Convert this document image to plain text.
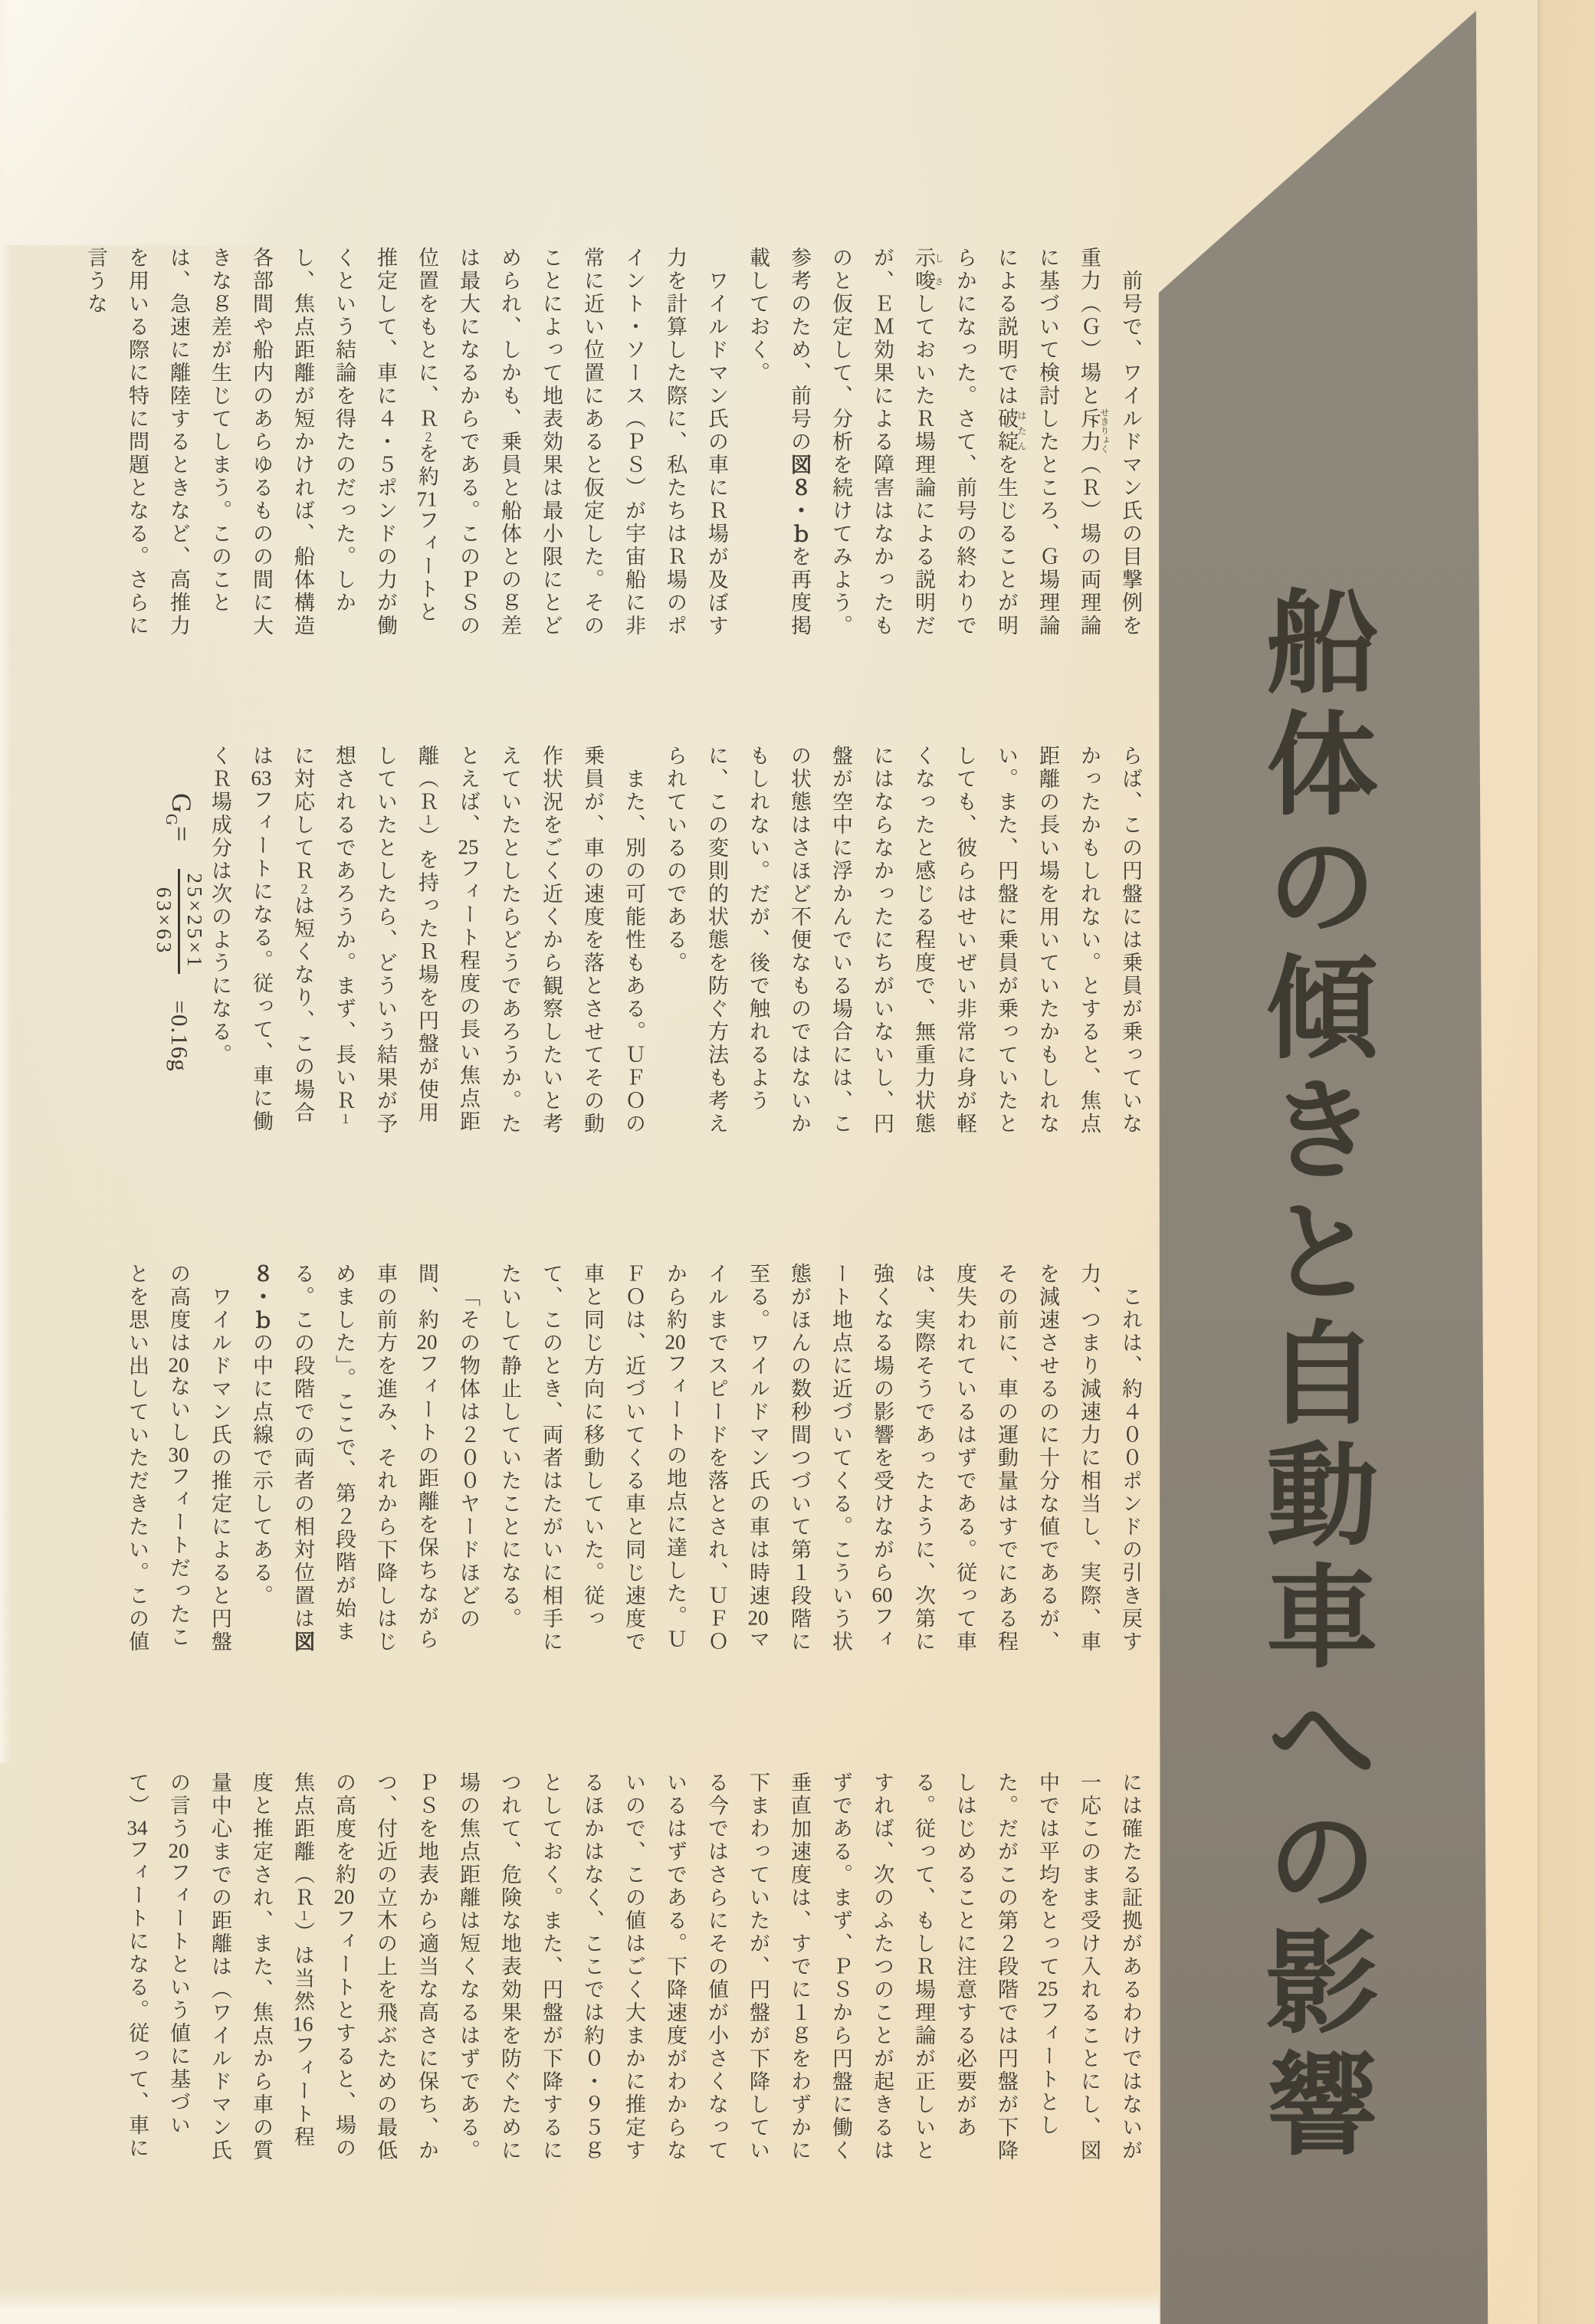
船体の傾きと自動車への影響

前号で、ワイルドマン氏の目撃例を重力（Ｇ）場と斥力せきりょく（Ｒ）場の両理論に基づいて検討したところ、Ｇ場理論による説明では破綻はたんを生じることが明らかになった。さて、前号の終わりで示唆しさしておいたＲ場理論による説明だが、ＥＭ効果による障害はなかったものと仮定して、分析を続けてみよう。参考のため、前号の図８・ｂを再度掲載しておく。

ワイルドマン氏の車にＲ場が及ぼす力を計算した際に、私たちはＲ場のポイント・ソース（ＰＳ）が宇宙船に非常に近い位置にあると仮定した。そのことによって地表効果は最小限にとどめられ、しかも、乗員と船体とのｇ差は最大になるからである。このＰＳの位置をもとに、Ｒ２を約71フィートと推定して、車に４・５ポンドの力が働くという結論を得たのだった。しかし、焦点距離が短かければ、船体構造各部間や船内のあらゆるものの間に大きなｇ差が生じてしまう。このことは、急速に離陸するときなど、高推力を用いる際に特に問題となる。さらに言うな

らば、この円盤には乗員が乗っていなかったかもしれない。とすると、焦点距離の長い場を用いていたかもしれない。また、円盤に乗員が乗っていたとしても、彼らはせいぜい非常に身が軽くなったと感じる程度で、無重力状態にはならなかったにちがいないし、円盤が空中に浮かんでいる場合には、この状態はさほど不便なものではないかもしれない。だが、後で触れるように、この変則的状態を防ぐ方法も考えられているのである。

また、別の可能性もある。ＵＦＯの乗員が、車の速度を落とさせてその動作状況をごく近くから観察したいと考えていたとしたらどうであろうか。たとえば、25フィート程度の長い焦点距離（Ｒ１）を持ったＲ場を円盤が使用していたとしたら、どういう結果が予想されるであろうか。まず、長いＲ１に対応してＲ２は短くなり、この場合は63フィートになる。従って、車に働くＲ場成分は次のようになる。

$G_G=$
25×25×1
63×63
=0.16g

これは、約４００ポンドの引き戻す力、つまり減速力に相当し、実際、車を減速させるのに十分な値であるが、その前に、車の運動量はすでにある程度失われているはずである。従って車は、実際そうであったように、次第に強くなる場の影響を受けながら60フィート地点に近づいてくる。こういう状態がほんの数秒間つづいて第１段階に至る。ワイルドマン氏の車は時速20マイルまでスピードを落とされ、ＵＦＯから約20フィートの地点に達した。ＵＦＯは、近づいてくる車と同じ速度で車と同じ方向に移動していた。従って、このとき、両者はたがいに相手にたいして静止していたことになる。

「その物体は２００ヤードほどの間、約20フィートの距離を保ちながら車の前方を進み、それから下降しはじめました」。ここで、第２段階が始まる。この段階での両者の相対位置は図８・ｂの中に点線で示してある。

ワイルドマン氏の推定によると円盤の高度は20ないし30フィートだったことを思い出していただきたい。この値

には確たる証拠があるわけではないが一応このまま受け入れることにし、図中では平均をとって25フィートとした。だがこの第２段階では円盤が下降しはじめることに注意する必要がある。従って、もしＲ場理論が正しいとすれば、次のふたつのことが起きるはずである。まず、ＰＳから円盤に働く垂直加速度は、すでに１ｇをわずかに下まわっていたが、円盤が下降している今ではさらにその値が小さくなっているはずである。下降速度がわからないので、この値はごく大まかに推定するほかはなく、ここでは約０・９５ｇとしておく。また、円盤が下降するにつれて、危険な地表効果を防ぐために場の焦点距離は短くなるはずである。ＰＳを地表から適当な高さに保ち、かつ、付近の立木の上を飛ぶための最低の高度を約20フィートとすると、場の焦点距離（Ｒ１）は当然16フィート程度と推定され、また、焦点から車の質量中心までの距離は（ワイルドマン氏の言う20フィートという値に基づいて）34フィートになる。従って、車に
